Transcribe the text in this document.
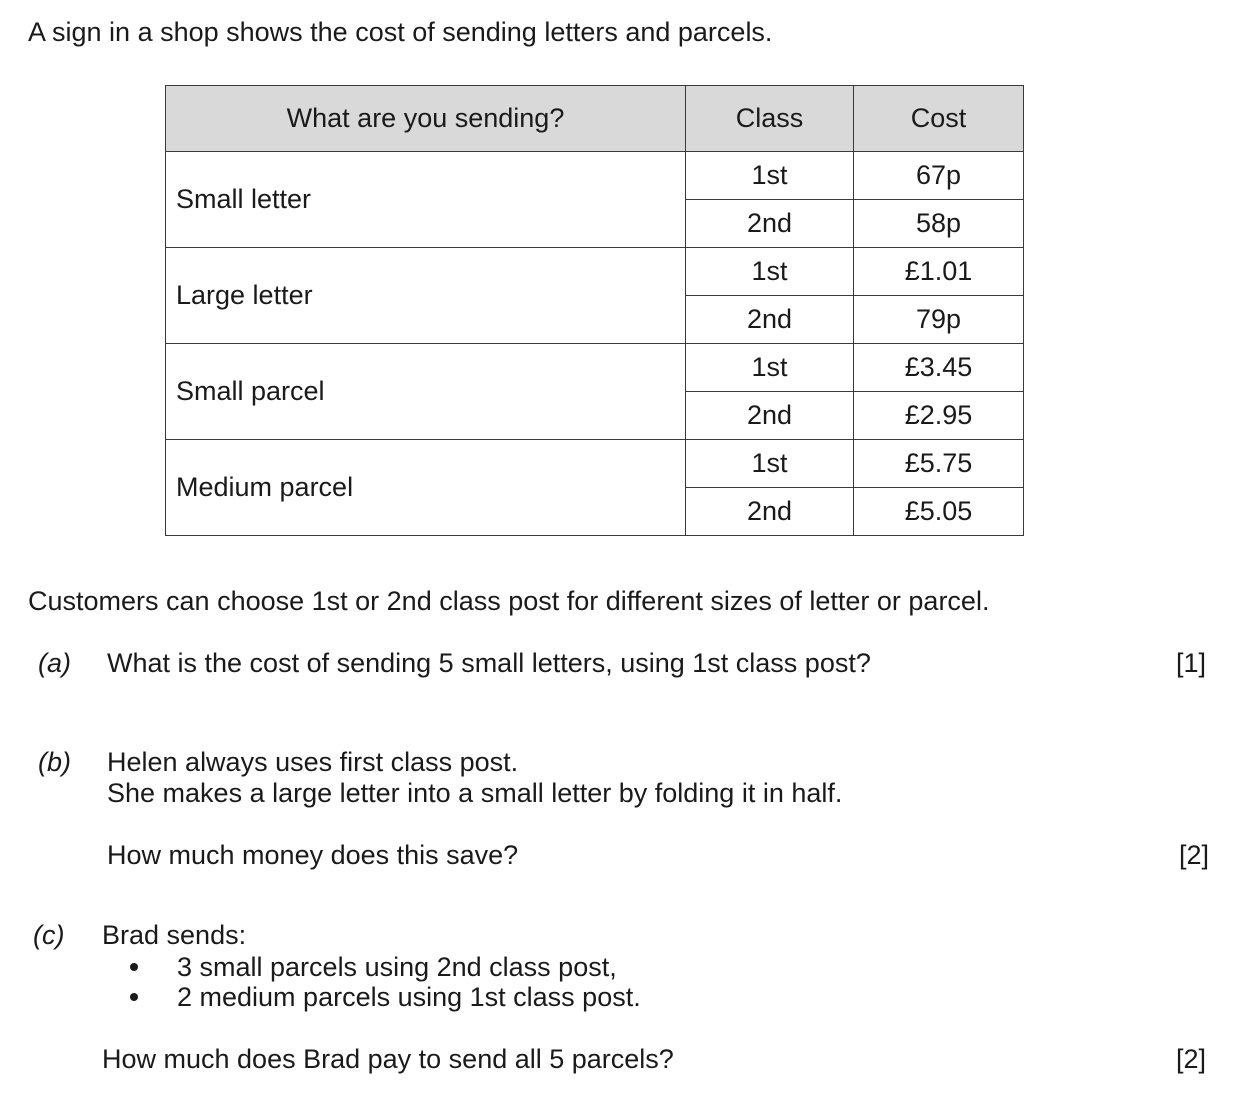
A sign in a shop shows the cost of sending letters and parcels.
What are you sending?	Class	Cost
Small letter	1st	67p
	2nd	58p
Large letter	1st	£1.01
	2nd	79p
Small parcel	1st	£3.45
	2nd	£2.95
Medium parcel	1st	£5.75
	2nd	£5.05
Customers can choose 1st or 2nd class post for different sizes of letter or parcel.
(a) What is the cost of sending 5 small letters, using 1st class post?	[1]
(b) Helen always uses first class post.
She makes a large letter into a small letter by folding it in half.
How much money does this save?	[2]
(c) Brad sends:
3 small parcels using 2nd class post,
2 medium parcels using 1st class post.
How much does Brad pay to send all 5 parcels?	[2]
